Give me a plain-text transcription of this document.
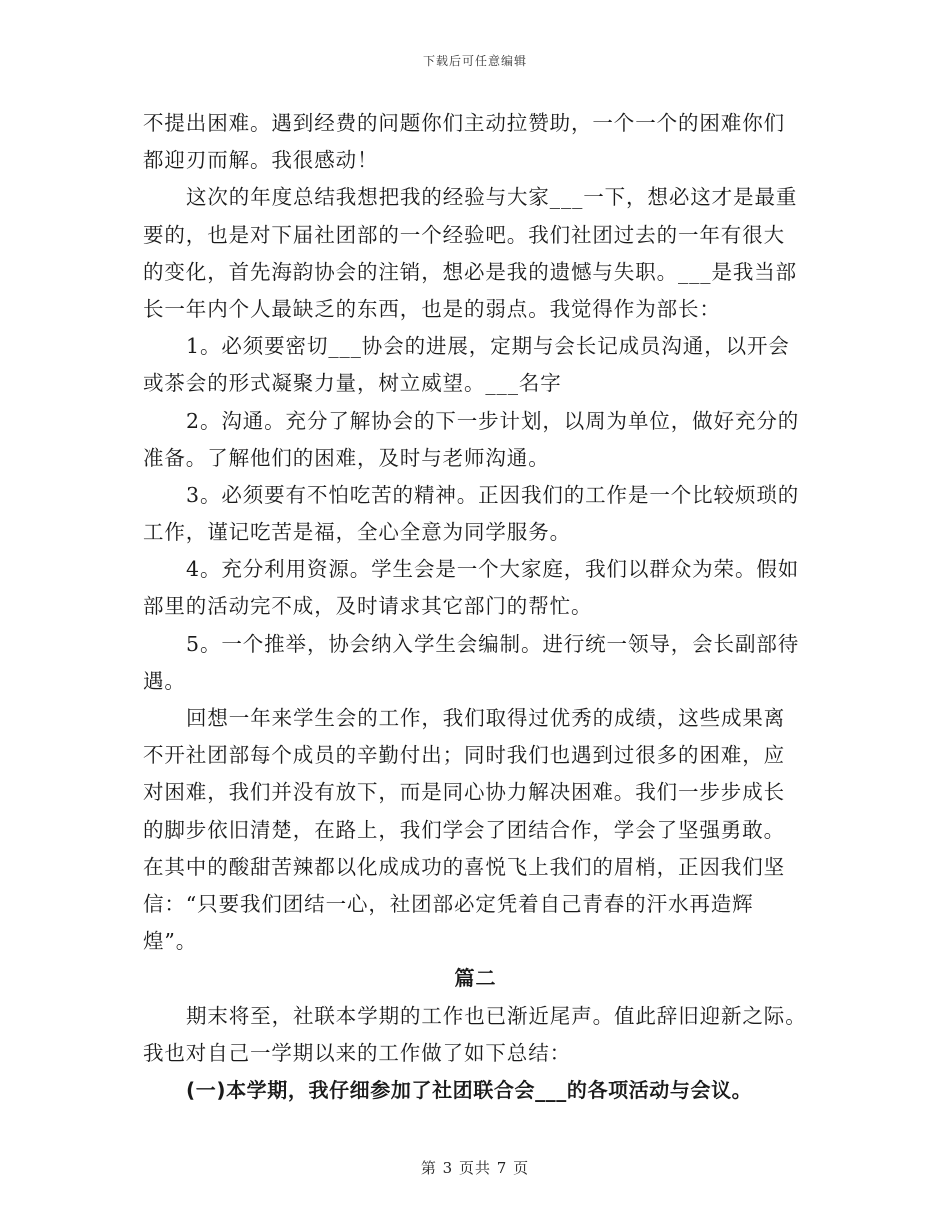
下载后可任意编辑
不提出困难。遇到经费的问题你们主动拉赞助，一个一个的困难你们
都迎刃而解。我很感动！
这次的年度总结我想把我的经验与大家___一下，想必这才是最重
要的，也是对下届社团部的一个经验吧。我们社团过去的一年有很大
的变化，首先海韵协会的注销，想必是我的遗憾与失职。___是我当部
长一年内个人最缺乏的东西，也是的弱点。我觉得作为部长：
1。必须要密切___协会的进展，定期与会长记成员沟通，以开会
或茶会的形式凝聚力量，树立威望。___名字
2。沟通。充分了解协会的下一步计划，以周为单位，做好充分的
准备。了解他们的困难，及时与老师沟通。
3。必须要有不怕吃苦的精神。正因我们的工作是一个比较烦琐的
工作，谨记吃苦是福，全心全意为同学服务。
4。充分利用资源。学生会是一个大家庭，我们以群众为荣。假如
部里的活动完不成，及时请求其它部门的帮忙。
5。一个推举，协会纳入学生会编制。进行统一领导，会长副部待
遇。
回想一年来学生会的工作，我们取得过优秀的成绩，这些成果离
不开社团部每个成员的辛勤付出；同时我们也遇到过很多的困难，应
对困难，我们并没有放下，而是同心协力解决困难。我们一步步成长
的脚步依旧清楚，在路上，我们学会了团结合作，学会了坚强勇敢。
在其中的酸甜苦辣都以化成成功的喜悦飞上我们的眉梢，正因我们坚
信：“只要我们团结一心，社团部必定凭着自己青春的汗水再造辉
煌”。
篇二
期末将至，社联本学期的工作也已渐近尾声。值此辞旧迎新之际。
我也对自己一学期以来的工作做了如下总结：
(一)本学期，我仔细参加了社团联合会___的各项活动与会议。
第 3 页共 7 页
